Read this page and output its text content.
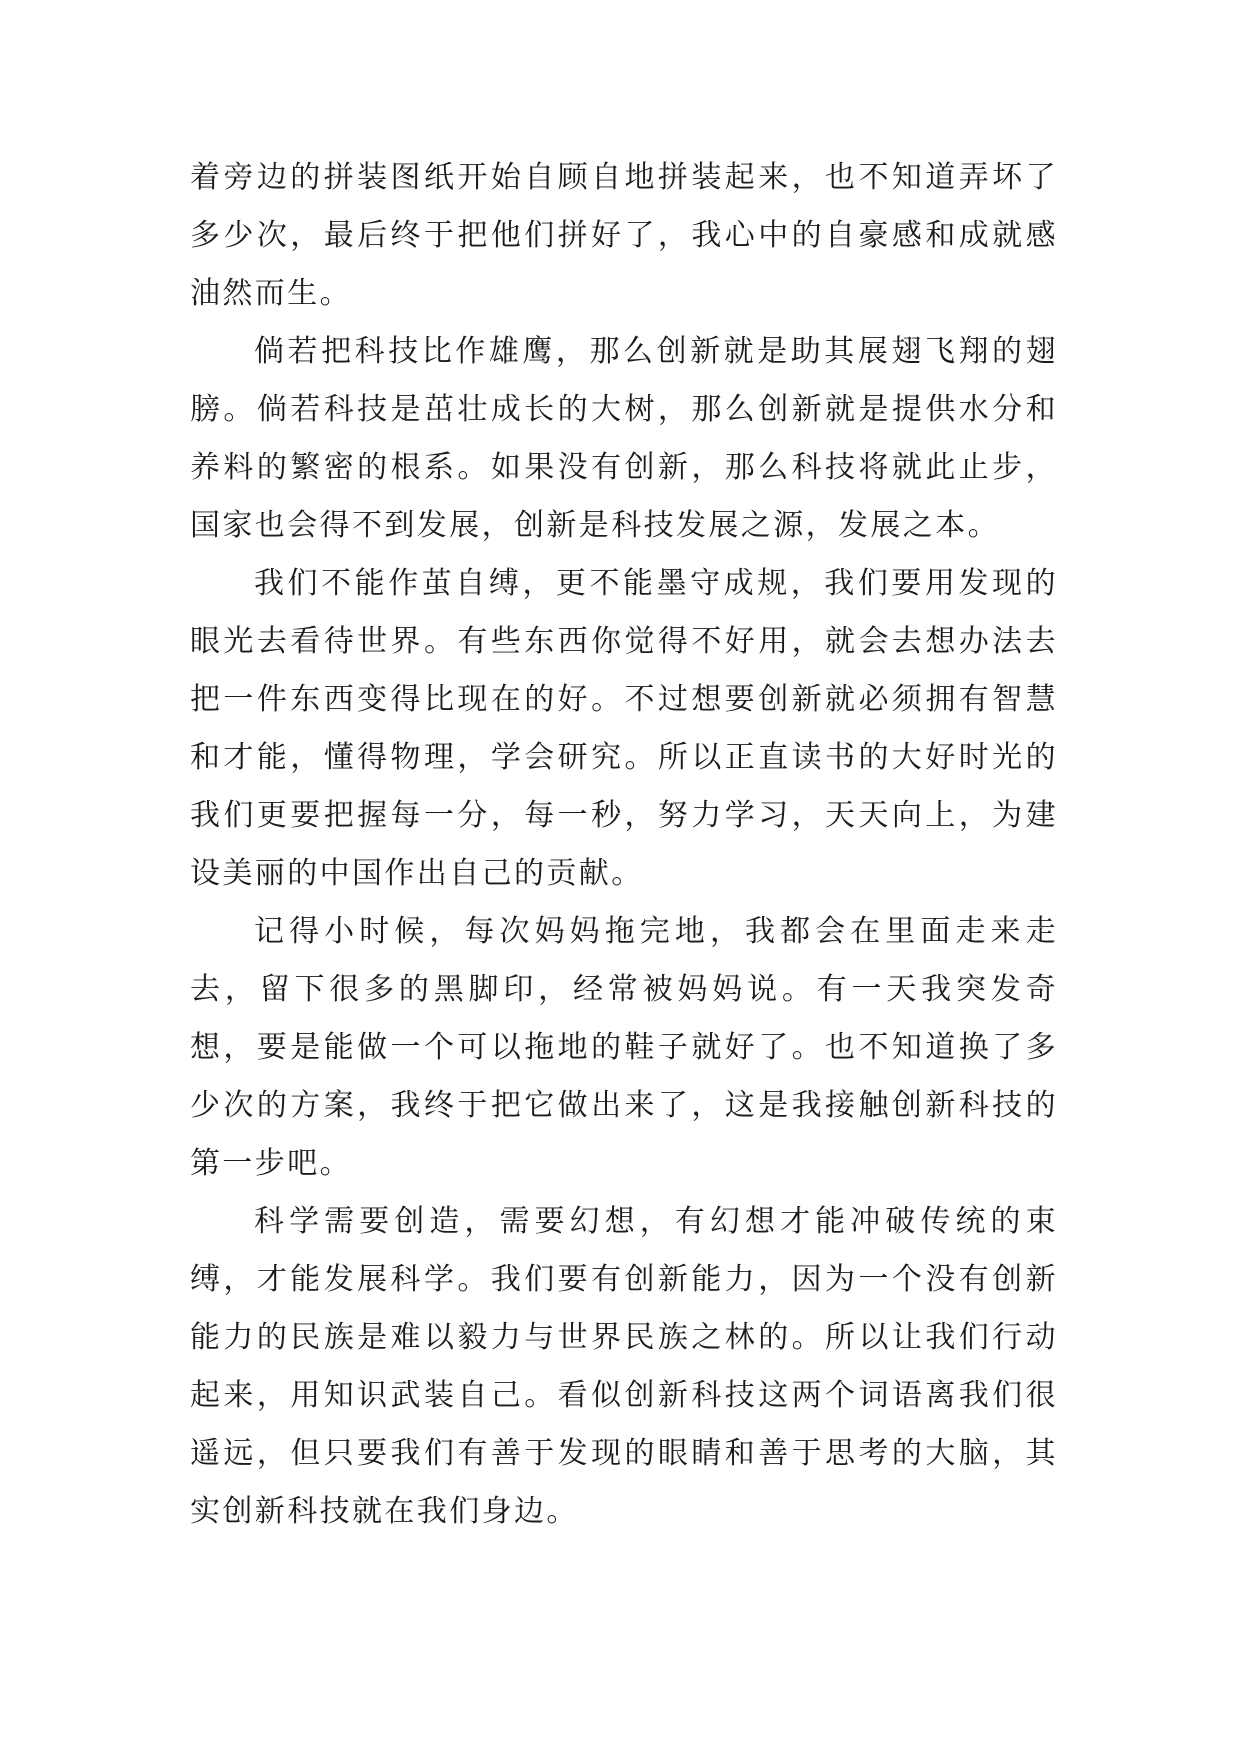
着旁边的拼装图纸开始自顾自地拼装起来，也不知道弄坏了多少次，最后终于把他们拼好了，我心中的自豪感和成就感油然而生。

倘若把科技比作雄鹰，那么创新就是助其展翅飞翔的翅膀。倘若科技是茁壮成长的大树，那么创新就是提供水分和养料的繁密的根系。如果没有创新，那么科技将就此止步，国家也会得不到发展，创新是科技发展之源，发展之本。

我们不能作茧自缚，更不能墨守成规，我们要用发现的眼光去看待世界。有些东西你觉得不好用，就会去想办法去把一件东西变得比现在的好。不过想要创新就必须拥有智慧和才能，懂得物理，学会研究。所以正直读书的大好时光的我们更要把握每一分，每一秒，努力学习，天天向上，为建设美丽的中国作出自己的贡献。

记得小时候，每次妈妈拖完地，我都会在里面走来走去，留下很多的黑脚印，经常被妈妈说。有一天我突发奇想，要是能做一个可以拖地的鞋子就好了。也不知道换了多少次的方案，我终于把它做出来了，这是我接触创新科技的第一步吧。

科学需要创造，需要幻想，有幻想才能冲破传统的束缚，才能发展科学。我们要有创新能力，因为一个没有创新能力的民族是难以毅力与世界民族之林的。所以让我们行动起来，用知识武装自己。看似创新科技这两个词语离我们很遥远，但只要我们有善于发现的眼睛和善于思考的大脑，其实创新科技就在我们身边。
